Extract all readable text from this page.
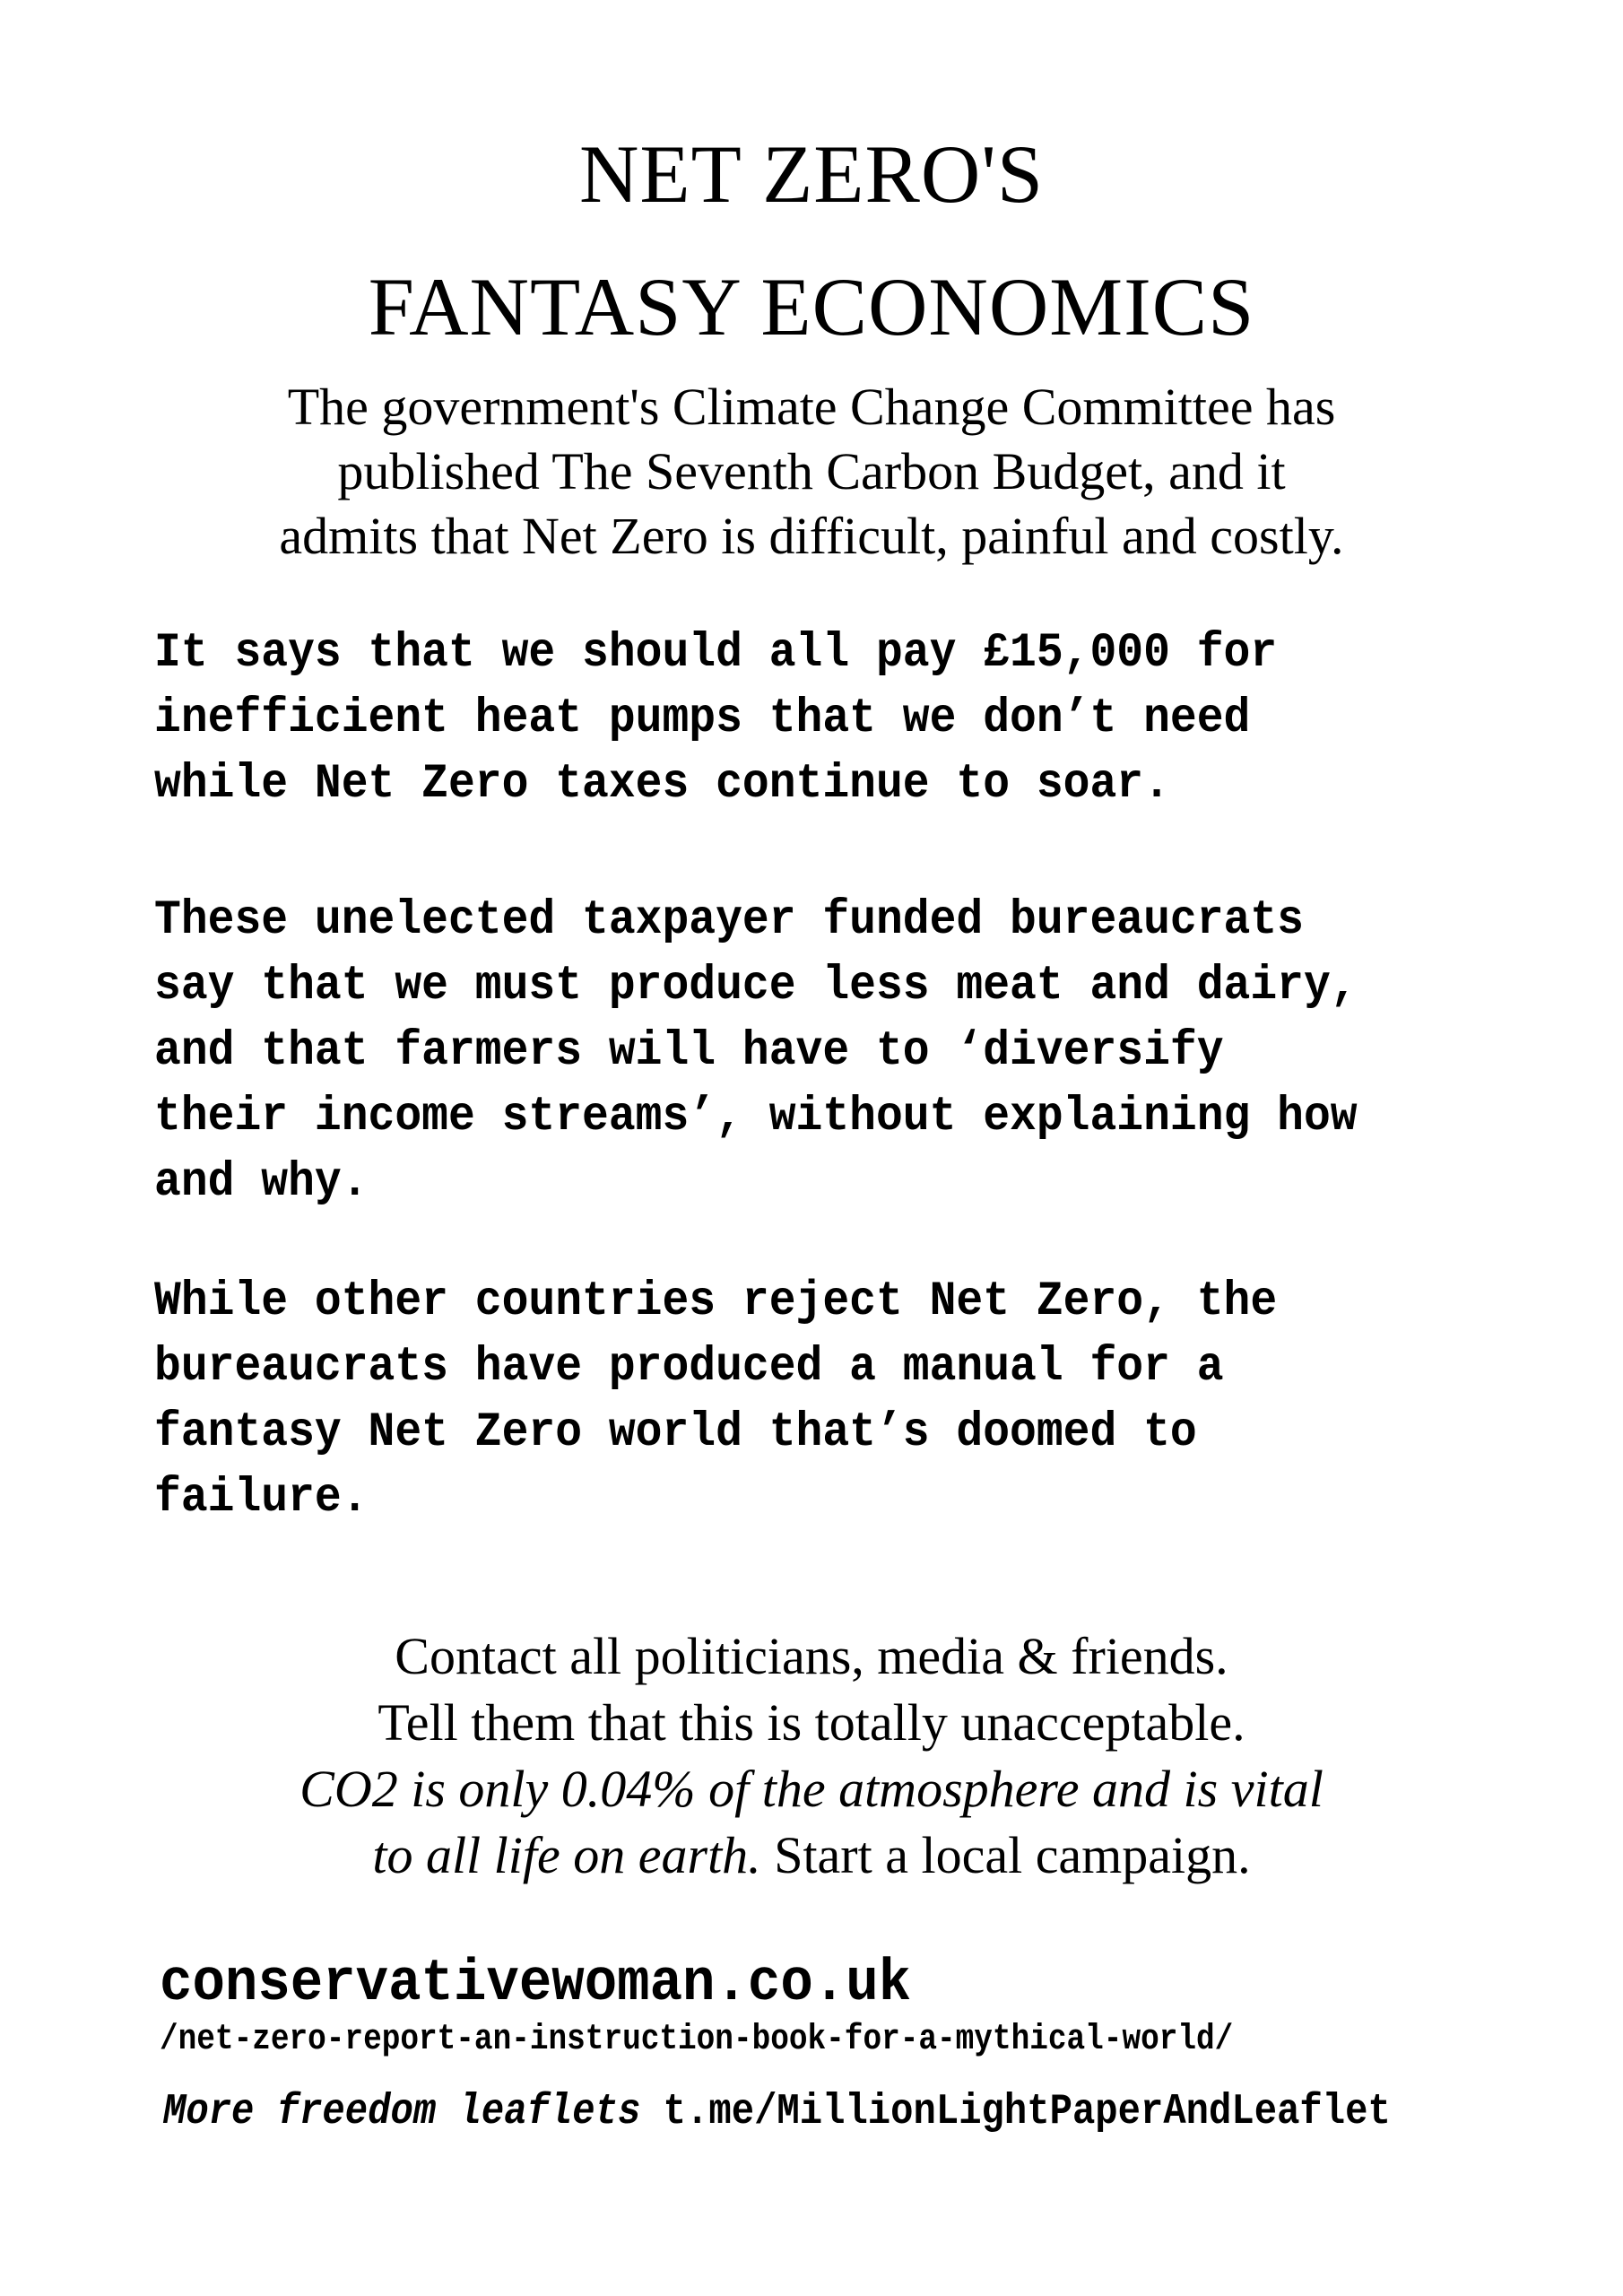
NET ZERO'S
FANTASY ECONOMICS
The government's Climate Change Committee has
published The Seventh Carbon Budget, and it
admits that Net Zero is difficult, painful and costly.
It says that we should all pay £15,000 for
inefficient heat pumps that we don’t need
while Net Zero taxes continue to soar.
These unelected taxpayer funded bureaucrats
say that we must produce less meat and dairy,
and that farmers will have to ‘diversify
their income streams’, without explaining how
and why.
While other countries reject Net Zero, the
bureaucrats have produced a manual for a
fantasy Net Zero world that’s doomed to
failure.
Contact all politicians, media & friends.
Tell them that this is totally unacceptable.
CO2 is only 0.04% of the atmosphere and is vital
to all life on earth. Start a local campaign.
conservativewoman.co.uk
/net-zero-report-an-instruction-book-for-a-mythical-world/
More freedom leaflets t.me/MillionLightPaperAndLeaflet
